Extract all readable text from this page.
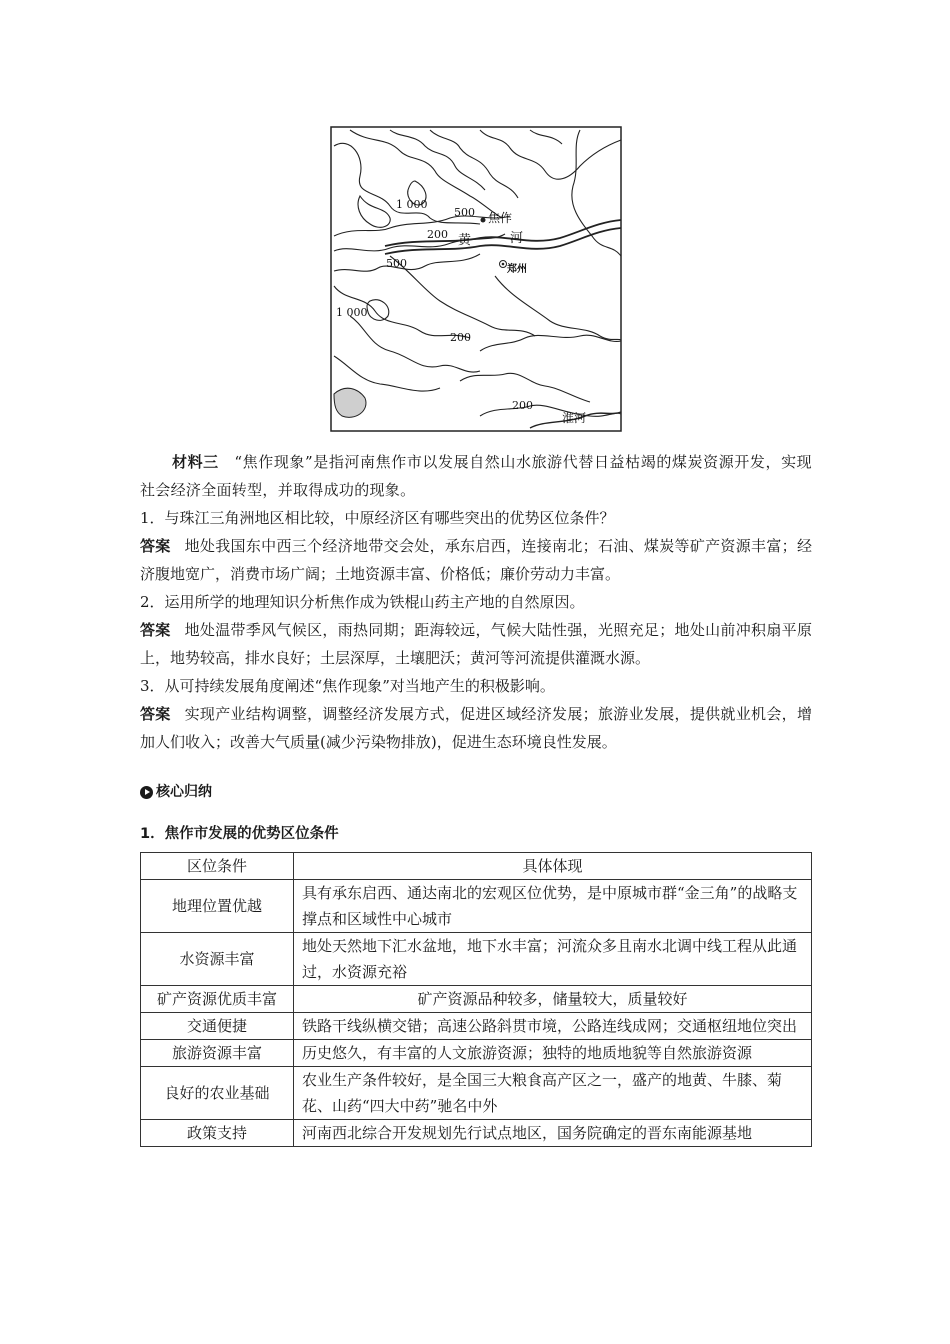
1 000
500 焦作
200 黄	河
500	郑州
1 000
200
200
淮河

材料三　 “焦作现象”是指河南焦作市以发展自然山水旅游代替日益枯竭的煤炭资源开发，实现社会经济全面转型，并取得成功的现象。

1．与珠江三角洲地区相比较，中原经济区有哪些突出的优势区位条件？

答案 地处我国东中西三个经济地带交会处，承东启西，连接南北；石油、煤炭等矿产资源丰富；经济腹地宽广，消费市场广阔；土地资源丰富、价格低；廉价劳动力丰富。

2．运用所学的地理知识分析焦作成为铁棍山药主产地的自然原因。

答案 地处温带季风气候区，雨热同期；距海较远，气候大陆性强，光照充足；地处山前冲积扇平原上，地势较高，排水良好；土层深厚，土壤肥沃；黄河等河流提供灌溉水源。

3．从可持续发展角度阐述“焦作现象”对当地产生的积极影响。

答案 实现产业结构调整，调整经济发展方式，促进区域经济发展；旅游业发展，提供就业机会，增加人们收入；改善大气质量(减少污染物排放)，促进生态环境良性发展。

核心归纳

1．焦作市发展的优势区位条件

区位条件	具体体现
地理位置优越	具有承东启西、通达南北的宏观区位优势，是中原城市群“金三角”的战略支撑点和区域性中心城市
水资源丰富	地处天然地下汇水盆地，地下水丰富；河流众多且南水北调中线工程从此通过，水资源充裕
矿产资源优质丰富	矿产资源品种较多，储量较大，质量较好
交通便捷	铁路干线纵横交错；高速公路斜贯市境，公路连线成网；交通枢纽地位突出
旅游资源丰富	历史悠久，有丰富的人文旅游资源；独特的地质地貌等自然旅游资源
良好的农业基础	农业生产条件较好，是全国三大粮食高产区之一，盛产的地黄、牛膝、菊花、山药“四大中药”驰名中外
政策支持	河南西北综合开发规划先行试点地区，国务院确定的晋东南能源基地
